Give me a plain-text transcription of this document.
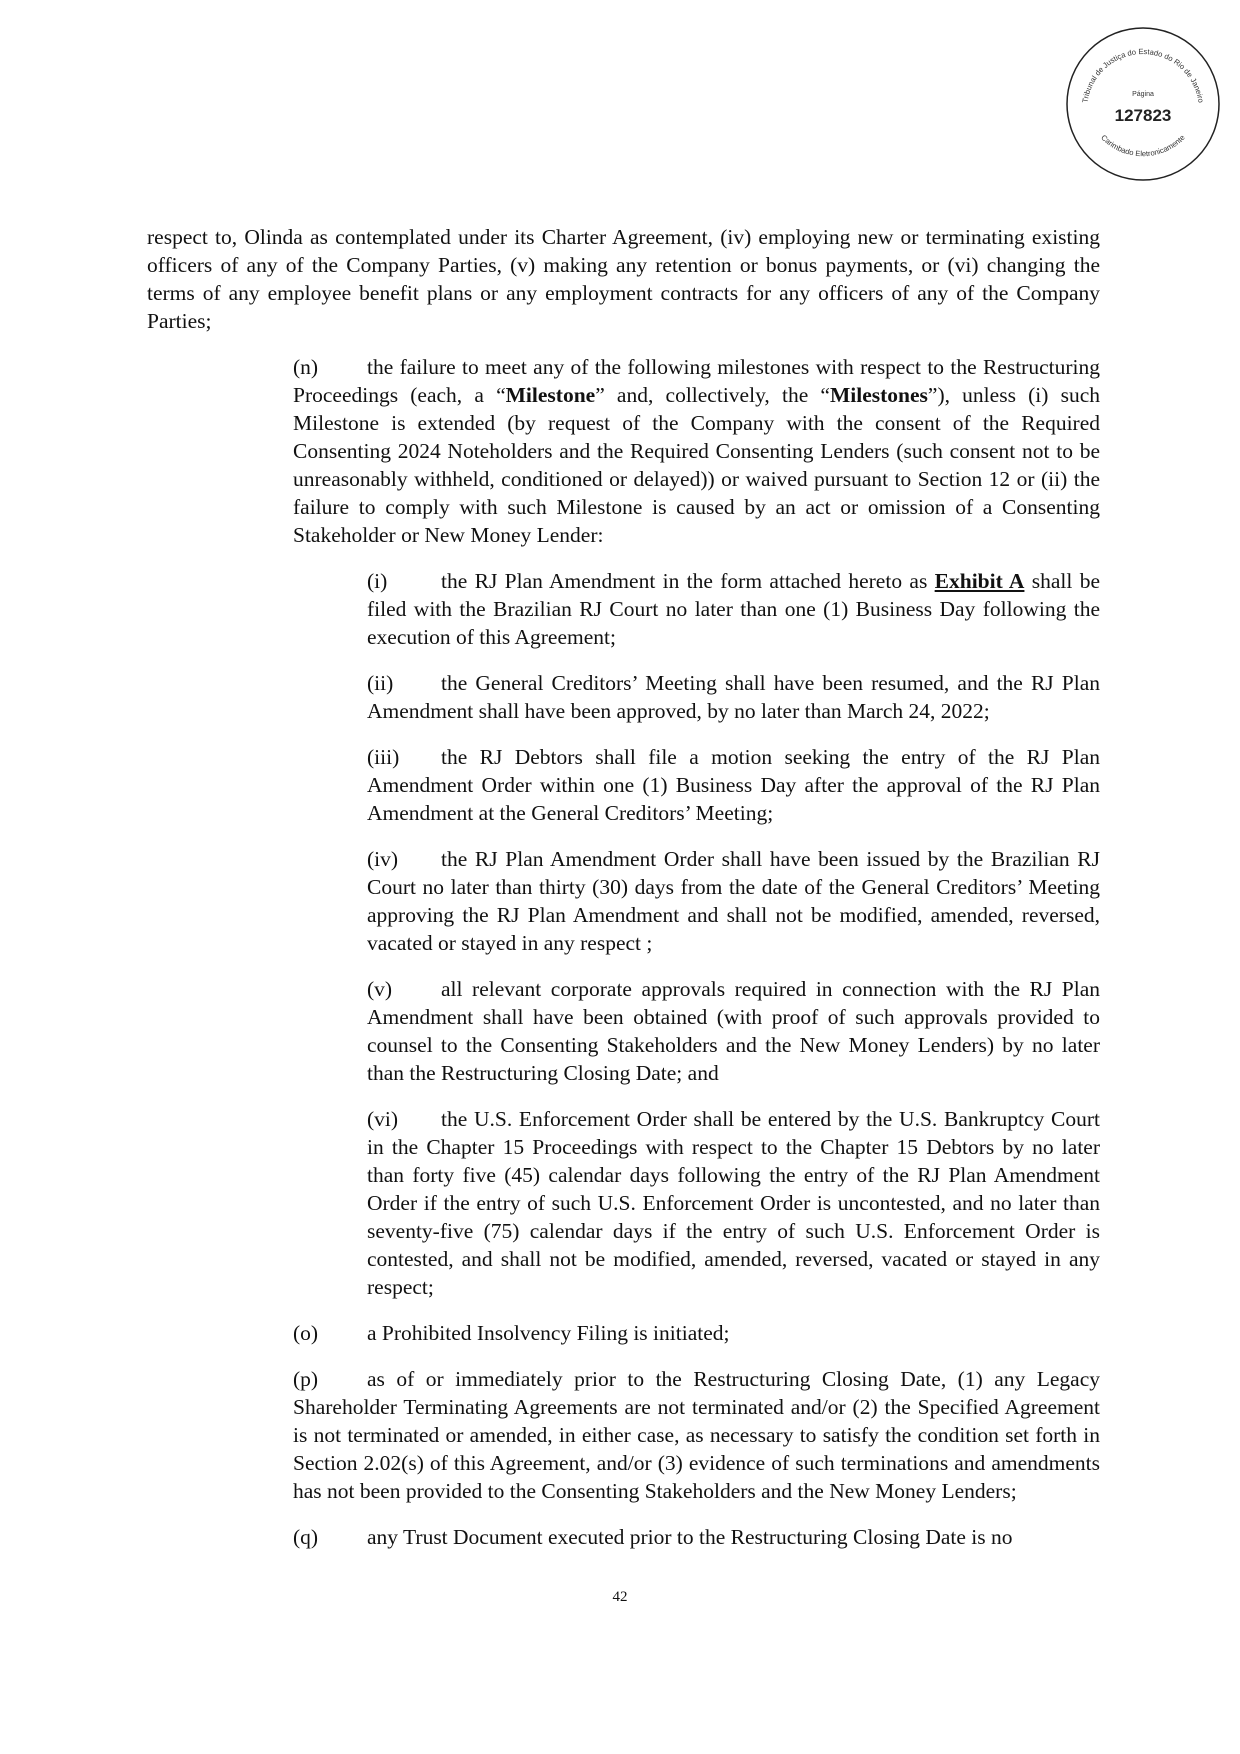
Tribunal de Justiça do Estado do Rio de Janeiro
Página
127823
Carimbado Eletronicamente

respect to, Olinda as contemplated under its Charter Agreement, (iv) employing new or terminating existing officers of any of the Company Parties, (v) making any retention or bonus payments, or (vi) changing the terms of any employee benefit plans or any employment contracts for any officers of any of the Company Parties;

(n) the failure to meet any of the following milestones with respect to the Restructuring Proceedings (each, a “Milestone” and, collectively, the “Milestones”), unless (i) such Milestone is extended (by request of the Company with the consent of the Required Consenting 2024 Noteholders and the Required Consenting Lenders (such consent not to be unreasonably withheld, conditioned or delayed)) or waived pursuant to Section 12 or (ii) the failure to comply with such Milestone is caused by an act or omission of a Consenting Stakeholder or New Money Lender:

(i) the RJ Plan Amendment in the form attached hereto as Exhibit A shall be filed with the Brazilian RJ Court no later than one (1) Business Day following the execution of this Agreement;

(ii) the General Creditors’ Meeting shall have been resumed, and the RJ Plan Amendment shall have been approved, by no later than March 24, 2022;

(iii) the RJ Debtors shall file a motion seeking the entry of the RJ Plan Amendment Order within one (1) Business Day after the approval of the RJ Plan Amendment at the General Creditors’ Meeting;

(iv) the RJ Plan Amendment Order shall have been issued by the Brazilian RJ Court no later than thirty (30) days from the date of the General Creditors’ Meeting approving the RJ Plan Amendment and shall not be modified, amended, reversed, vacated or stayed in any respect ;

(v) all relevant corporate approvals required in connection with the RJ Plan Amendment shall have been obtained (with proof of such approvals provided to counsel to the Consenting Stakeholders and the New Money Lenders) by no later than the Restructuring Closing Date; and

(vi) the U.S. Enforcement Order shall be entered by the U.S. Bankruptcy Court in the Chapter 15 Proceedings with respect to the Chapter 15 Debtors by no later than forty five (45) calendar days following the entry of the RJ Plan Amendment Order if the entry of such U.S. Enforcement Order is uncontested, and no later than seventy-five (75) calendar days if the entry of such U.S. Enforcement Order is contested, and shall not be modified, amended, reversed, vacated or stayed in any respect;

(o) a Prohibited Insolvency Filing is initiated;

(p) as of or immediately prior to the Restructuring Closing Date, (1) any Legacy Shareholder Terminating Agreements are not terminated and/or (2) the Specified Agreement is not terminated or amended, in either case, as necessary to satisfy the condition set forth in Section 2.02(s) of this Agreement, and/or (3) evidence of such terminations and amendments has not been provided to the Consenting Stakeholders and the New Money Lenders;

(q) any Trust Document executed prior to the Restructuring Closing Date is no

42
